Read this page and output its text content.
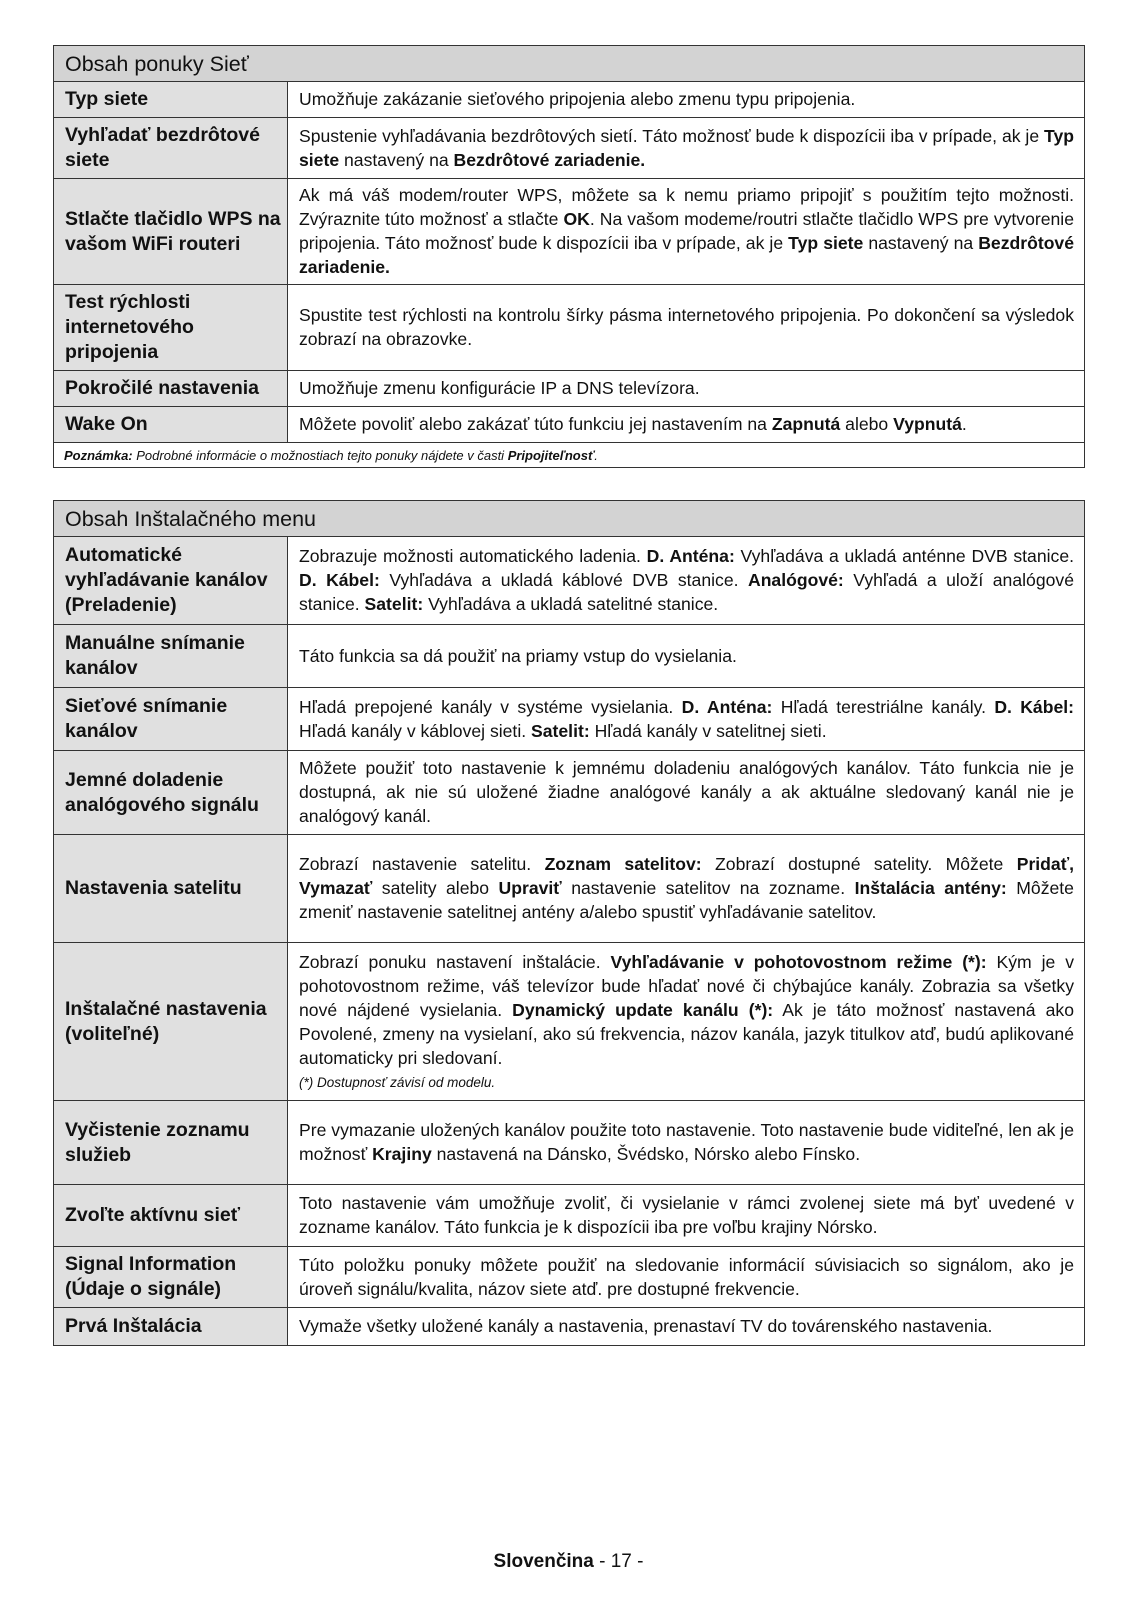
Obsah ponuky Sieť	
Typ siete	Umožňuje zakázanie sieťového pripojenia alebo zmenu typu pripojenia.
Vyhľadať bezdrôtové siete	Spustenie vyhľadávania bezdrôtových sietí. Táto možnosť bude k dispozícii iba v prípade, ak je Typ siete nastavený na Bezdrôtové zariadenie.
Stlačte tlačidlo WPS na vašom WiFi routeri	Ak má váš modem/router WPS, môžete sa k nemu priamo pripojiť s použitím tejto možnosti. Zvýraznite túto možnosť a stlačte OK. Na vašom modeme/routri stlačte tlačidlo WPS pre vytvorenie pripojenia. Táto možnosť bude k dispozícii iba v prípade, ak je Typ siete nastavený na Bezdrôtové zariadenie.
Test rýchlosti internetového pripojenia	Spustite test rýchlosti na kontrolu šírky pásma internetového pripojenia. Po dokončení sa výsledok zobrazí na obrazovke.
Pokročilé nastavenia	Umožňuje zmenu konfigurácie IP a DNS televízora.
Wake On	Môžete povoliť alebo zakázať túto funkciu jej nastavením na Zapnutá alebo Vypnutá.
Poznámka: Podrobné informácie o možnostiach tejto ponuky nájdete v časti Pripojiteľnosť.	
Obsah Inštalačného menu	
Automatické vyhľadávanie kanálov (Preladenie)	Zobrazuje možnosti automatického ladenia. D. Anténa: Vyhľadáva a ukladá anténne DVB stanice. D. Kábel: Vyhľadáva a ukladá káblové DVB stanice. Analógové: Vyhľadá a uloží analógové stanice. Satelit: Vyhľadáva a ukladá satelitné stanice.
Manuálne snímanie kanálov	Táto funkcia sa dá použiť na priamy vstup do vysielania.
Sieťové snímanie kanálov	Hľadá prepojené kanály v systéme vysielania. D. Anténa: Hľadá terestriálne kanály. D. Kábel: Hľadá kanály v káblovej sieti. Satelit: Hľadá kanály v satelitnej sieti.
Jemné doladenie analógového signálu	Môžete použiť toto nastavenie k jemnému doladeniu analógových kanálov. Táto funkcia nie je dostupná, ak nie sú uložené žiadne analógové kanály a ak aktuálne sledovaný kanál nie je analógový kanál.
Nastavenia satelitu	Zobrazí nastavenie satelitu. Zoznam satelitov: Zobrazí dostupné satelity. Môžete Pridať, Vymazať satelity alebo Upraviť nastavenie satelitov na zozname. Inštalácia antény: Môžete zmeniť nastavenie satelitnej antény a/alebo spustiť vyhľadávanie satelitov.
Inštalačné nastavenia (voliteľné)	Zobrazí ponuku nastavení inštalácie. Vyhľadávanie v pohotovostnom režime (*): Kým je v pohotovostnom režime, váš televízor bude hľadať nové či chýbajúce kanály. Zobrazia sa všetky nové nájdené vysielania. Dynamický update kanálu (*): Ak je táto možnosť nastavená ako Povolené, zmeny na vysielaní, ako sú frekvencia, názov kanála, jazyk titulkov atď, budú aplikované automaticky pri sledovaní.
(*) Dostupnosť závisí od modelu.

Vyčistenie zoznamu služieb	Pre vymazanie uložených kanálov použite toto nastavenie. Toto nastavenie bude viditeľné, len ak je možnosť Krajiny nastavená na Dánsko, Švédsko, Nórsko alebo Fínsko.
Zvoľte aktívnu sieť	Toto nastavenie vám umožňuje zvoliť, či vysielanie v rámci zvolenej siete má byť uvedené v zozname kanálov. Táto funkcia je k dispozícii iba pre voľbu krajiny Nórsko.
Signal Information (Údaje o signále)	Túto položku ponuky môžete použiť na sledovanie informácií súvisiacich so signálom, ako je úroveň signálu/kvalita, názov siete atď. pre dostupné frekvencie.
Prvá Inštalácia	Vymaže všetky uložené kanály a nastavenia, prenastaví TV do továrenského nastavenia.
Slovenčina - 17 -
